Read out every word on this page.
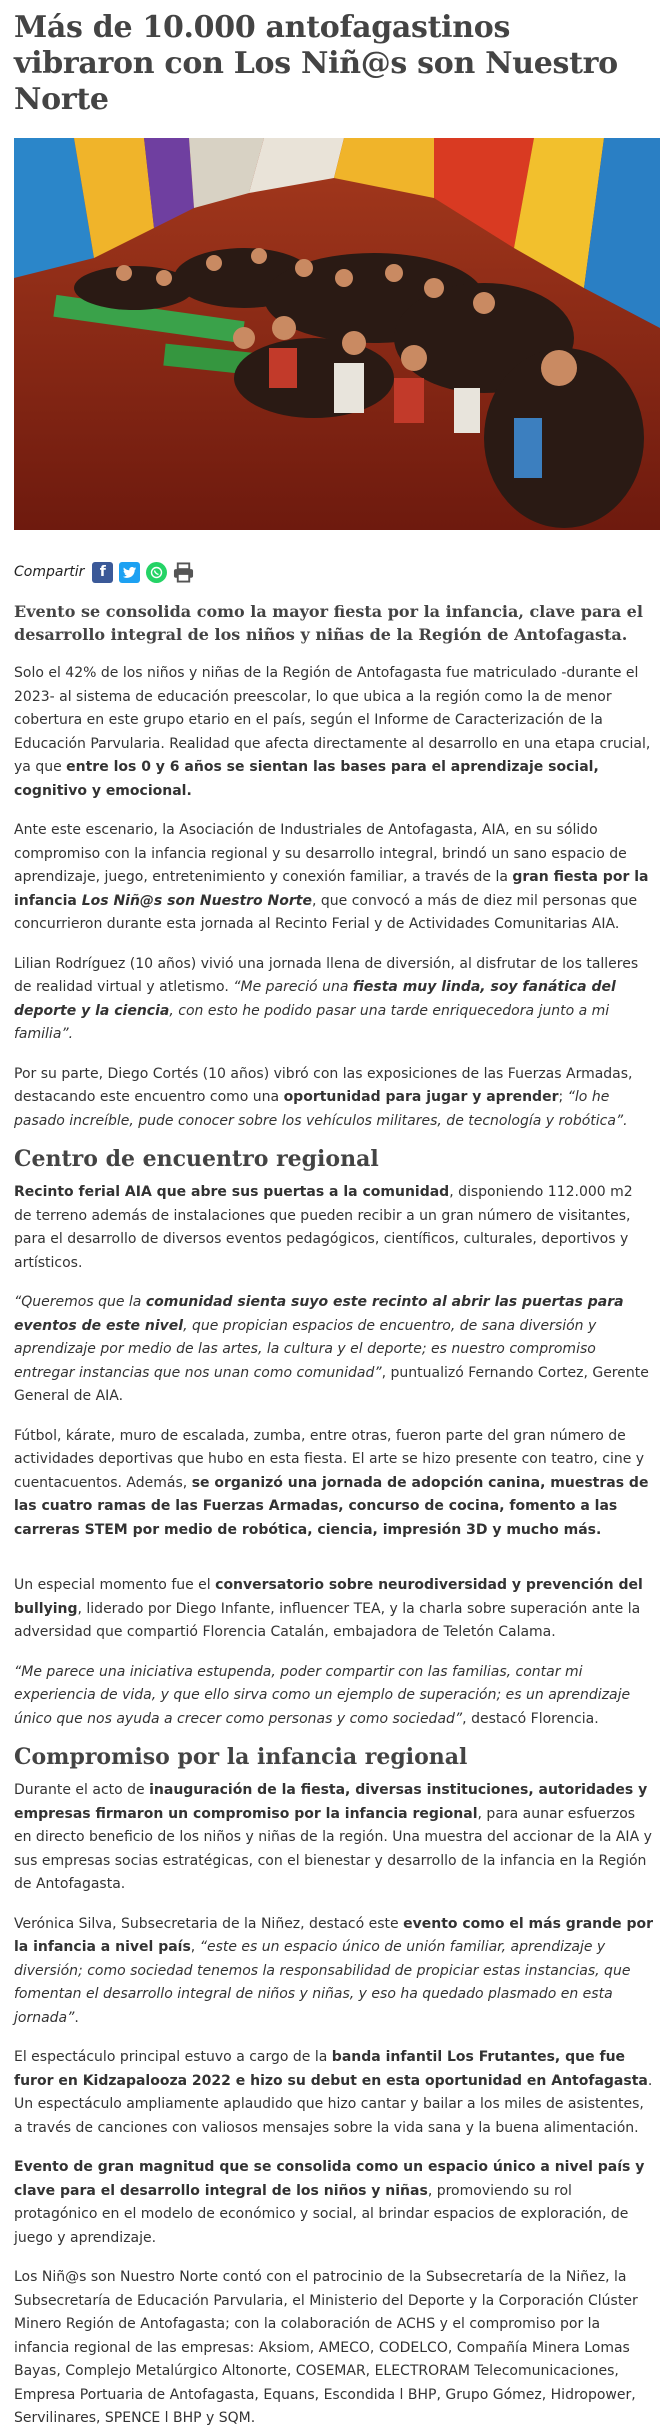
Más de 10.000 antofagastinos vibraron con Los Niñ@s son Nuestro Norte
Compartir	f
Evento se consolida como la mayor fiesta por la infancia, clave para el desarrollo integral de los niños y niñas de la Región de Antofagasta.

Solo el 42% de los niños y niñas de la Región de Antofagasta fue matriculado -durante el 2023- al sistema de educación preescolar, lo que ubica a la región como la de menor cobertura en este grupo etario en el país, según el Informe de Caracterización de la Educación Parvularia. Realidad que afecta directamente al desarrollo en una etapa crucial, ya que entre los 0 y 6 años se sientan las bases para el aprendizaje social, cognitivo y emocional.

Ante este escenario, la Asociación de Industriales de Antofagasta, AIA, en su sólido compromiso con la infancia regional y su desarrollo integral, brindó un sano espacio de aprendizaje, juego, entretenimiento y conexión familiar, a través de la gran fiesta por la infancia Los Niñ@s son Nuestro Norte, que convocó a más de diez mil personas que concurrieron durante esta jornada al Recinto Ferial y de Actividades Comunitarias AIA.

Lilian Rodríguez (10 años) vivió una jornada llena de diversión, al disfrutar de los talleres de realidad virtual y atletismo. “Me pareció una fiesta muy linda, soy fanática del deporte y la ciencia, con esto he podido pasar una tarde enriquecedora junto a mi familia”.

Por su parte, Diego Cortés (10 años) vibró con las exposiciones de las Fuerzas Armadas, destacando este encuentro como una oportunidad para jugar y aprender; “lo he pasado increíble, pude conocer sobre los vehículos militares, de tecnología y robótica”.

Centro de encuentro regional

Recinto ferial AIA que abre sus puertas a la comunidad, disponiendo 112.000 m2 de terreno además de instalaciones que pueden recibir a un gran número de visitantes, para el desarrollo de diversos eventos pedagógicos, científicos, culturales, deportivos y artísticos.

“Queremos que la comunidad sienta suyo este recinto al abrir las puertas para eventos de este nivel, que propician espacios de encuentro, de sana diversión y aprendizaje por medio de las artes, la cultura y el deporte; es nuestro compromiso entregar instancias que nos unan como comunidad”, puntualizó Fernando Cortez, Gerente General de AIA.

Fútbol, kárate, muro de escalada, zumba, entre otras, fueron parte del gran número de actividades deportivas que hubo en esta fiesta. El arte se hizo presente con teatro, cine y cuentacuentos. Además, se organizó una jornada de adopción canina, muestras de las cuatro ramas de las Fuerzas Armadas, concurso de cocina, fomento a las carreras STEM por medio de robótica, ciencia, impresión 3D y mucho más.

Un especial momento fue el conversatorio sobre neurodiversidad y prevención del bullying, liderado por Diego Infante, influencer TEA, y la charla sobre superación ante la adversidad que compartió Florencia Catalán, embajadora de Teletón Calama.

“Me parece una iniciativa estupenda, poder compartir con las familias, contar mi experiencia de vida, y que ello sirva como un ejemplo de superación; es un aprendizaje único que nos ayuda a crecer como personas y como sociedad”, destacó Florencia.

Compromiso por la infancia regional

Durante el acto de inauguración de la fiesta, diversas instituciones, autoridades y empresas firmaron un compromiso por la infancia regional, para aunar esfuerzos en directo beneficio de los niños y niñas de la región. Una muestra del accionar de la AIA y sus empresas socias estratégicas, con el bienestar y desarrollo de la infancia en la Región de Antofagasta.

Verónica Silva, Subsecretaria de la Niñez, destacó este evento como el más grande por la infancia a nivel país, “este es un espacio único de unión familiar, aprendizaje y diversión; como sociedad tenemos la responsabilidad de propiciar estas instancias, que fomentan el desarrollo integral de niños y niñas, y eso ha quedado plasmado en esta jornada”.

El espectáculo principal estuvo a cargo de la banda infantil Los Frutantes, que fue furor en Kidzapalooza 2022 e hizo su debut en esta oportunidad en Antofagasta. Un espectáculo ampliamente aplaudido que hizo cantar y bailar a los miles de asistentes, a través de canciones con valiosos mensajes sobre la vida sana y la buena alimentación.

Evento de gran magnitud que se consolida como un espacio único a nivel país y clave para el desarrollo integral de los niños y niñas, promoviendo su rol protagónico en el modelo de económico y social, al brindar espacios de exploración, de juego y aprendizaje.

Los Niñ@s son Nuestro Norte contó con el patrocinio de la Subsecretaría de la Niñez, la Subsecretaría de Educación Parvularia, el Ministerio del Deporte y la Corporación Clúster Minero Región de Antofagasta; con la colaboración de ACHS y el compromiso por la infancia regional de las empresas: Aksiom, AMECO, CODELCO, Compañía Minera Lomas Bayas, Complejo Metalúrgico Altonorte, COSEMAR, ELECTRORAM Telecomunicaciones, Empresa Portuaria de Antofagasta, Equans, Escondida l BHP, Grupo Gómez, Hidropower, Servilinares, SPENCE l BHP y SQM.
